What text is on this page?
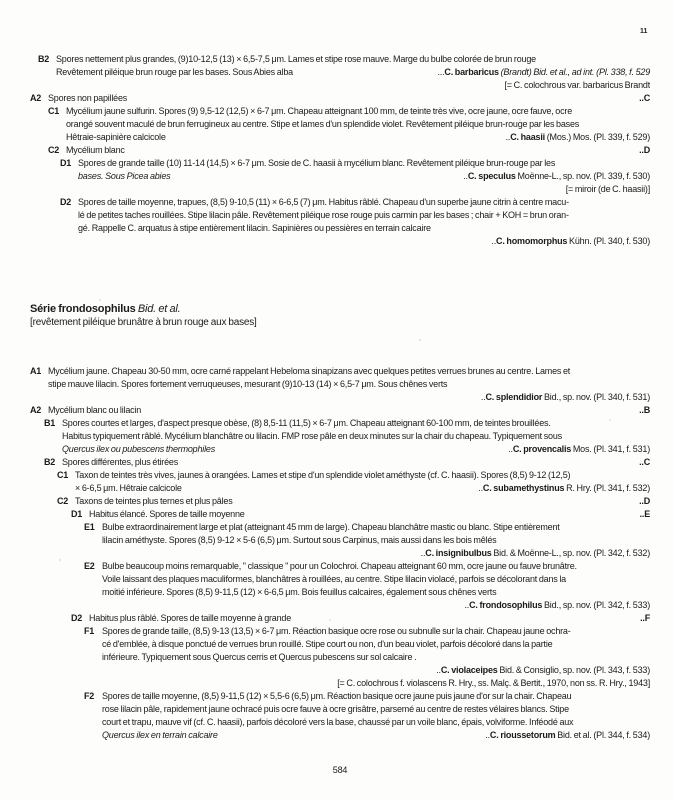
11
B2 Spores nettement plus grandes, (9)10-12,5 (13) × 6,5-7,5 μm. Lames et stipe rose mauve. Marge du bulbe colorée de brun rouge
Revêtement piléique brun rouge par les bases. Sous Abies alba	...C. barbaricus (Brandt) Bid. et al., ad int. (Pl. 338, f. 529
[= C. colochrous var. barbaricus Brandt
A2 Spores non papillées	..C
C1 Mycélium jaune sulfurin. Spores (9) 9,5-12 (12,5) × 6-7 μm. Chapeau atteignant 100 mm, de teinte très vive, ocre jaune, ocre fauve, ocre
orangé souvent maculé de brun ferrugineux au centre. Stipe et lames d'un splendide violet. Revêtement piléique brun-rouge par les bases
Hêtraie-sapinière calcicole	..C. haasii (Mos.) Mos. (Pl. 339, f. 529)
C2 Mycélium blanc	..D
D1 Spores de grande taille (10) 11-14 (14,5) × 6-7 μm. Sosie de C. haasii à mycélium blanc. Revêtement piléique brun-rouge par les
bases. Sous Picea abies	..C. speculus Moënne-L., sp. nov. (Pl. 339, f. 530)
[= miroir (de C. haasii)]
D2 Spores de taille moyenne, trapues, (8,5) 9-10,5 (11) × 6-6,5 (7) μm. Habitus râblé. Chapeau d'un superbe jaune citrin à centre macu-
lé de petites taches rouillées. Stipe lilacin pâle. Revêtement piléique rose rouge puis carmin par les bases ; chair + KOH = brun oran-
gé. Rappelle C. arquatus à stipe entièrement lilacin. Sapinières ou pessières en terrain calcaire
..C. homomorphus Kühn. (Pl. 340, f. 530)
Série frondosophilus Bid. et al.
[revêtement piléique brunâtre à brun rouge aux bases]
A1 Mycélium jaune. Chapeau 30-50 mm, ocre carné rappelant Hebeloma sinapizans avec quelques petites verrues brunes au centre. Lames et
stipe mauve lilacin. Spores fortement verruqueuses, mesurant (9)10-13 (14) × 6,5-7 μm. Sous chênes verts
..C. splendidior Bid., sp. nov. (Pl. 340, f. 531)
A2 Mycélium blanc ou lilacin	..B
B1 Spores courtes et larges, d'aspect presque obèse, (8) 8,5-11 (11,5) × 6-7 μm. Chapeau atteignant 60-100 mm, de teintes brouillées.
Habitus typiquement râblé. Mycélium blanchâtre ou lilacin. FMP rose pâle en deux minutes sur la chair du chapeau. Typiquement sous
Quercus ilex ou pubescens thermophiles	..C. provencalis Mos. (Pl. 341, f. 531)
B2 Spores différentes, plus étirées	..C
C1 Taxon de teintes très vives, jaunes à orangées. Lames et stipe d'un splendide violet améthyste (cf. C. haasii). Spores (8,5) 9-12 (12,5)
× 6-6,5 μm. Hêtraie calcicole	..C. subamethystinus R. Hry. (Pl. 341, f. 532)
C2 Taxons de teintes plus ternes et plus pâles	..D
D1 Habitus élancé. Spores de taille moyenne	..E
E1 Bulbe extraordinairement large et plat (atteignant 45 mm de large). Chapeau blanchâtre mastic ou blanc. Stipe entièrement
lilacin améthyste. Spores (8,5) 9-12 × 5-6 (6,5) μm. Surtout sous Carpinus, mais aussi dans les bois mêlés
..C. insignibulbus Bid. & Moënne-L., sp. nov. (Pl. 342, f. 532)
E2 Bulbe beaucoup moins remarquable, " classique " pour un Colochroi. Chapeau atteignant 60 mm, ocre jaune ou fauve brunâtre.
Voile laissant des plaques maculiformes, blanchâtres à rouillées, au centre. Stipe lilacin violacé, parfois se décolorant dans la
moitié inférieure. Spores (8,5) 9-11,5 (12) × 6-6,5 μm. Bois feuillus calcaires, également sous chênes verts
..C. frondosophilus Bid., sp. nov. (Pl. 342, f. 533)
D2 Habitus plus râblé. Spores de taille moyenne à grande	..F
F1 Spores de grande taille, (8,5) 9-13 (13,5) × 6-7 μm. Réaction basique ocre rose ou subnulle sur la chair. Chapeau jaune ochra-
cé d'emblée, à disque ponctué de verrues brun rouillé. Stipe court ou non, d'un beau violet, parfois décoloré dans la partie
inférieure. Typiquement sous Quercus cerris et Quercus pubescens sur sol calcaire .
..C. violaceipes Bid. & Consiglio, sp. nov. (Pl. 343, f. 533)
[= C. colochrous f. violascens R. Hry., ss. Malç. & Bertit., 1970, non ss. R. Hry., 1943]
F2 Spores de taille moyenne, (8,5) 9-11,5 (12) × 5,5-6 (6,5) μm. Réaction basique ocre jaune puis jaune d'or sur la chair. Chapeau
rose lilacin pâle, rapidement jaune ochracé puis ocre fauve à ocre grisâtre, parsemé au centre de restes vélaires blancs. Stipe
court et trapu, mauve vif (cf. C. haasii), parfois décoloré vers la base, chaussé par un voile blanc, épais, volviforme. Inféodé aux
Quercus ilex en terrain calcaire	..C. rioussetorum Bid. et al. (Pl. 344, f. 534)
584
